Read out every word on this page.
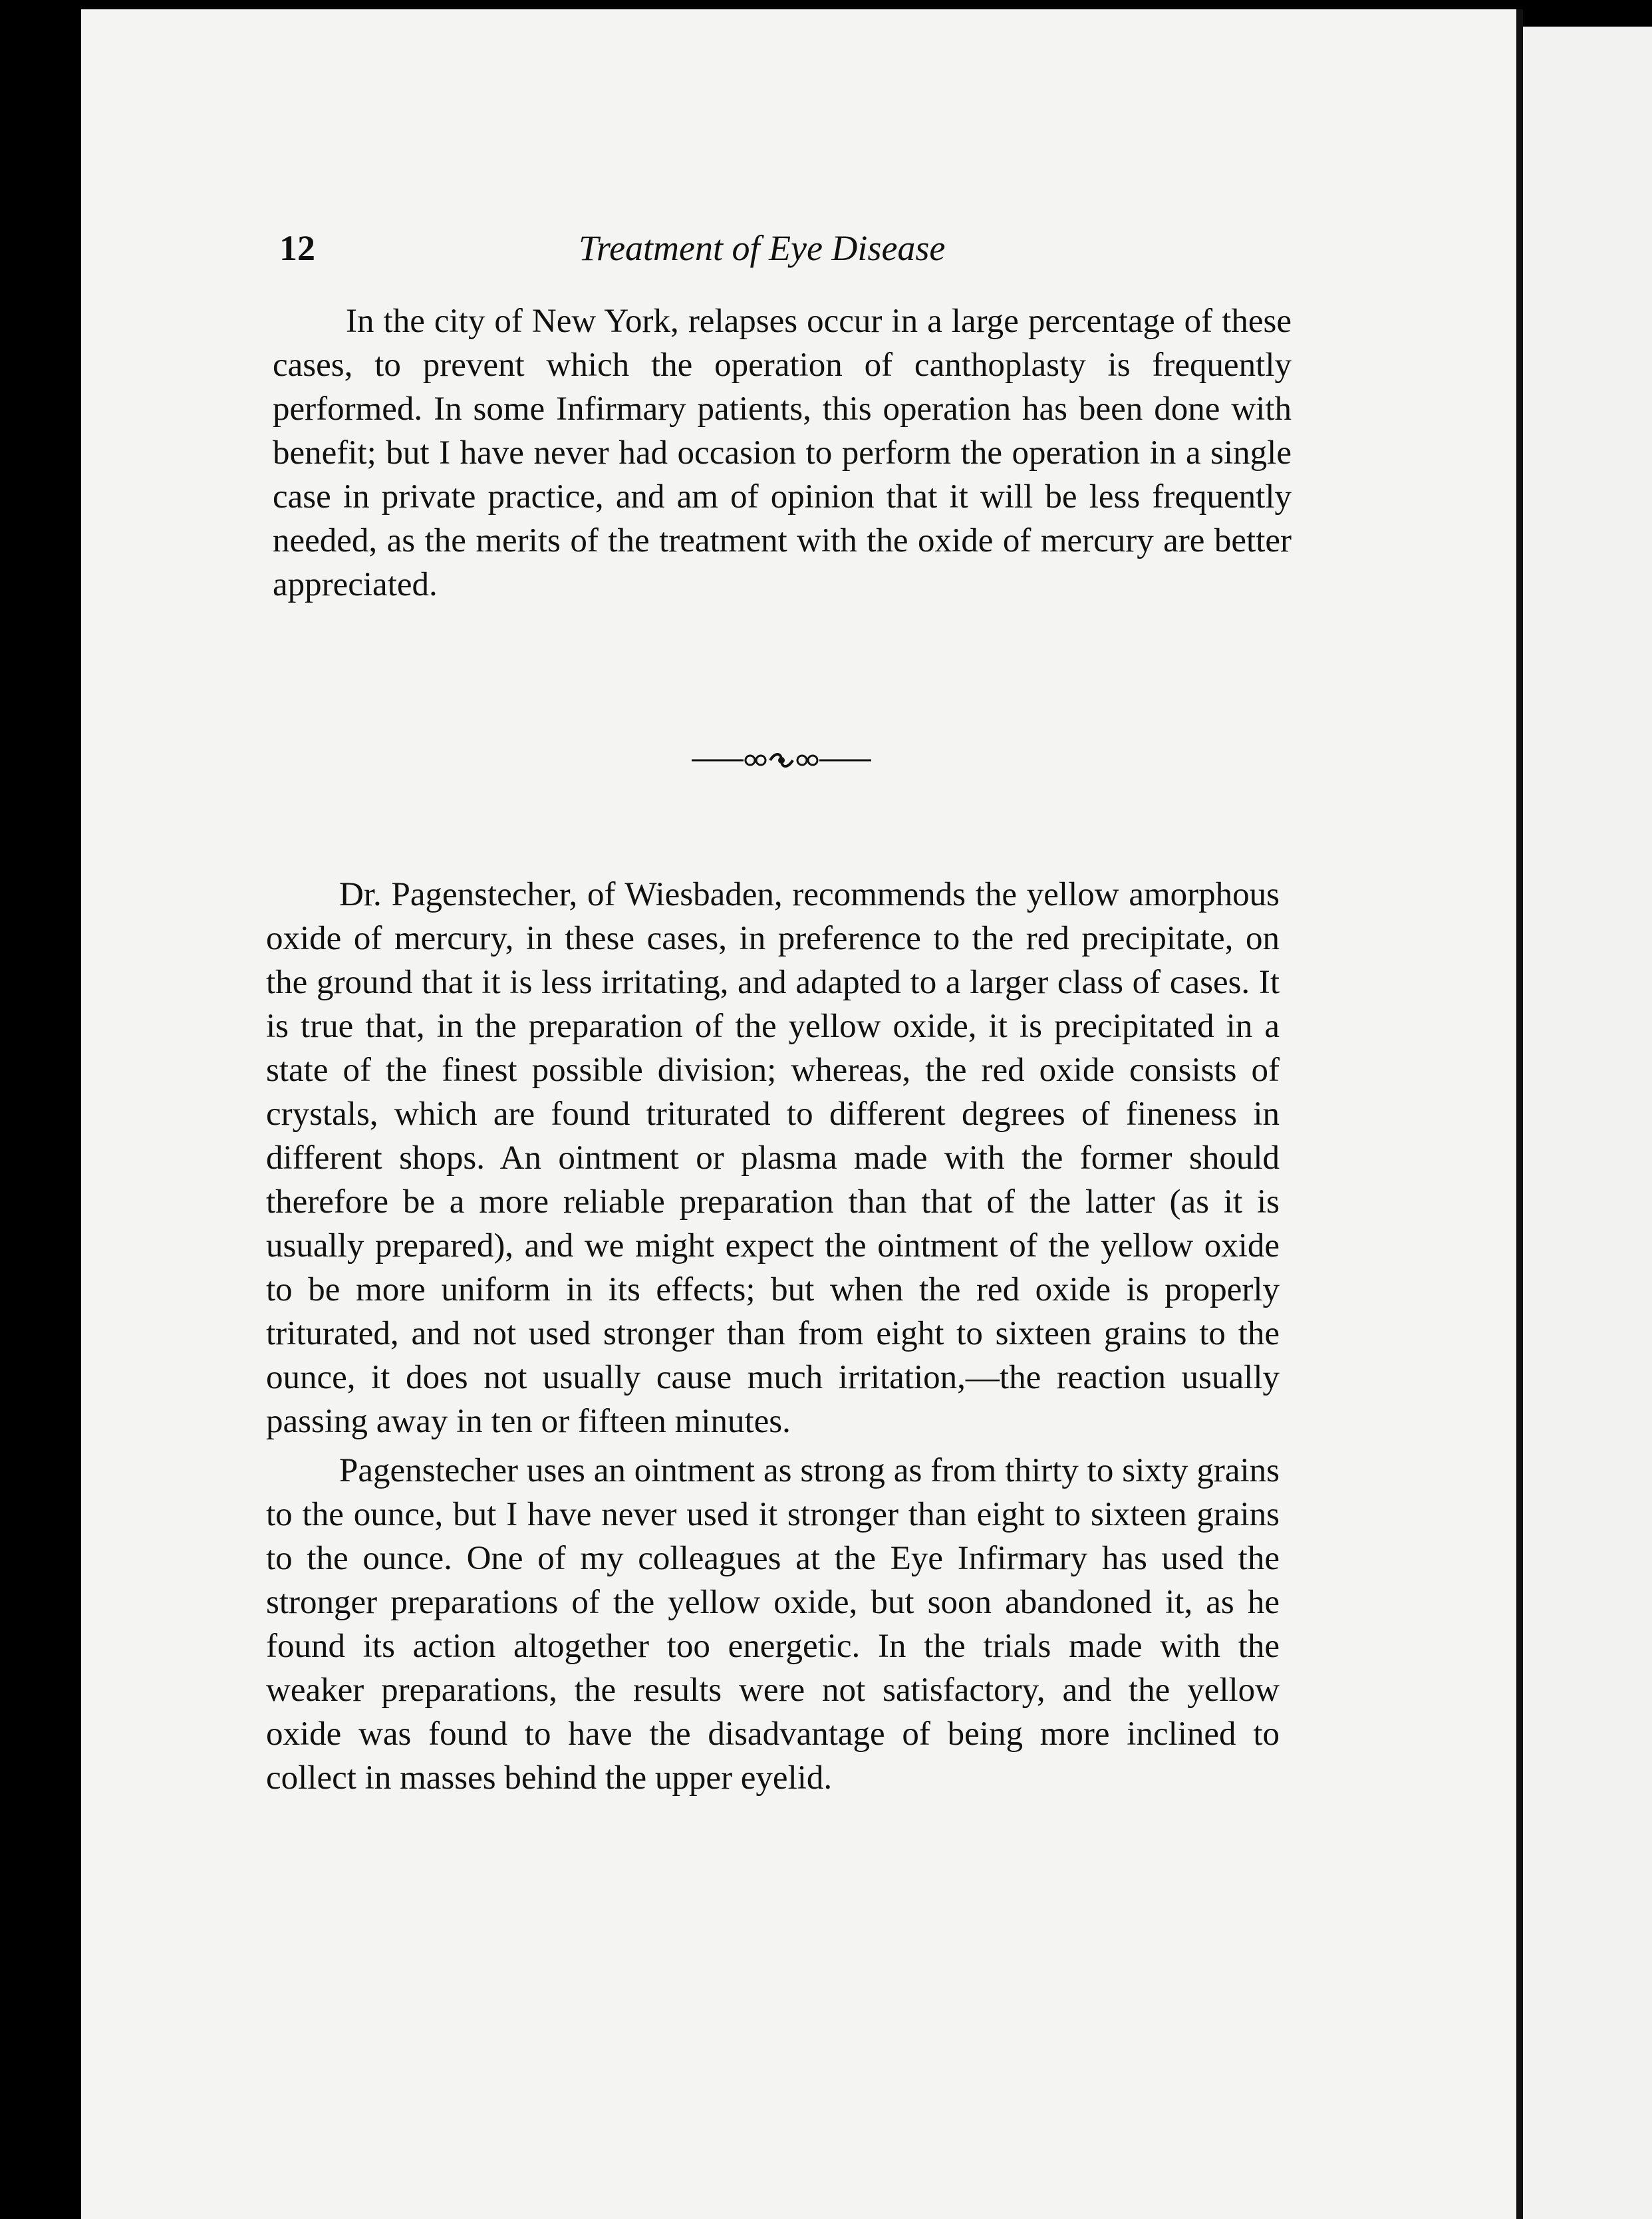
12	Treatment of Eye Disease

In the city of New York, relapses occur in a large percentage of these cases, to prevent which the operation of canthoplasty is frequently performed. In some Infirmary patients, this operation has been done with benefit; but I have never had occasion to perform the operation in a single case in private practice, and am of opinion that it will be less frequently needed, as the merits of the treatment with the oxide of mercury are better appreciated.

Dr. Pagenstecher, of Wiesbaden, recommends the yellow amorphous oxide of mercury, in these cases, in preference to the red precipitate, on the ground that it is less irritating, and adapted to a larger class of cases. It is true that, in the preparation of the yellow oxide, it is precipitated in a state of the finest possible division; whereas, the red oxide consists of crystals, which are found triturated to different degrees of fineness in different shops. An ointment or plasma made with the former should therefore be a more reliable preparation than that of the latter (as it is usually prepared), and we might expect the ointment of the yellow oxide to be more uniform in its effects; but when the red oxide is properly triturated, and not used stronger than from eight to sixteen grains to the ounce, it does not usually cause much irritation,—the reaction usually passing away in ten or fifteen minutes.

Pagenstecher uses an ointment as strong as from thirty to sixty grains to the ounce, but I have never used it stronger than eight to sixteen grains to the ounce. One of my colleagues at the Eye Infirmary has used the stronger preparations of the yellow oxide, but soon abandoned it, as he found its action altogether too energetic. In the trials made with the weaker preparations, the results were not satisfactory, and the yellow oxide was found to have the disadvantage of being more inclined to collect in masses behind the upper eyelid.
